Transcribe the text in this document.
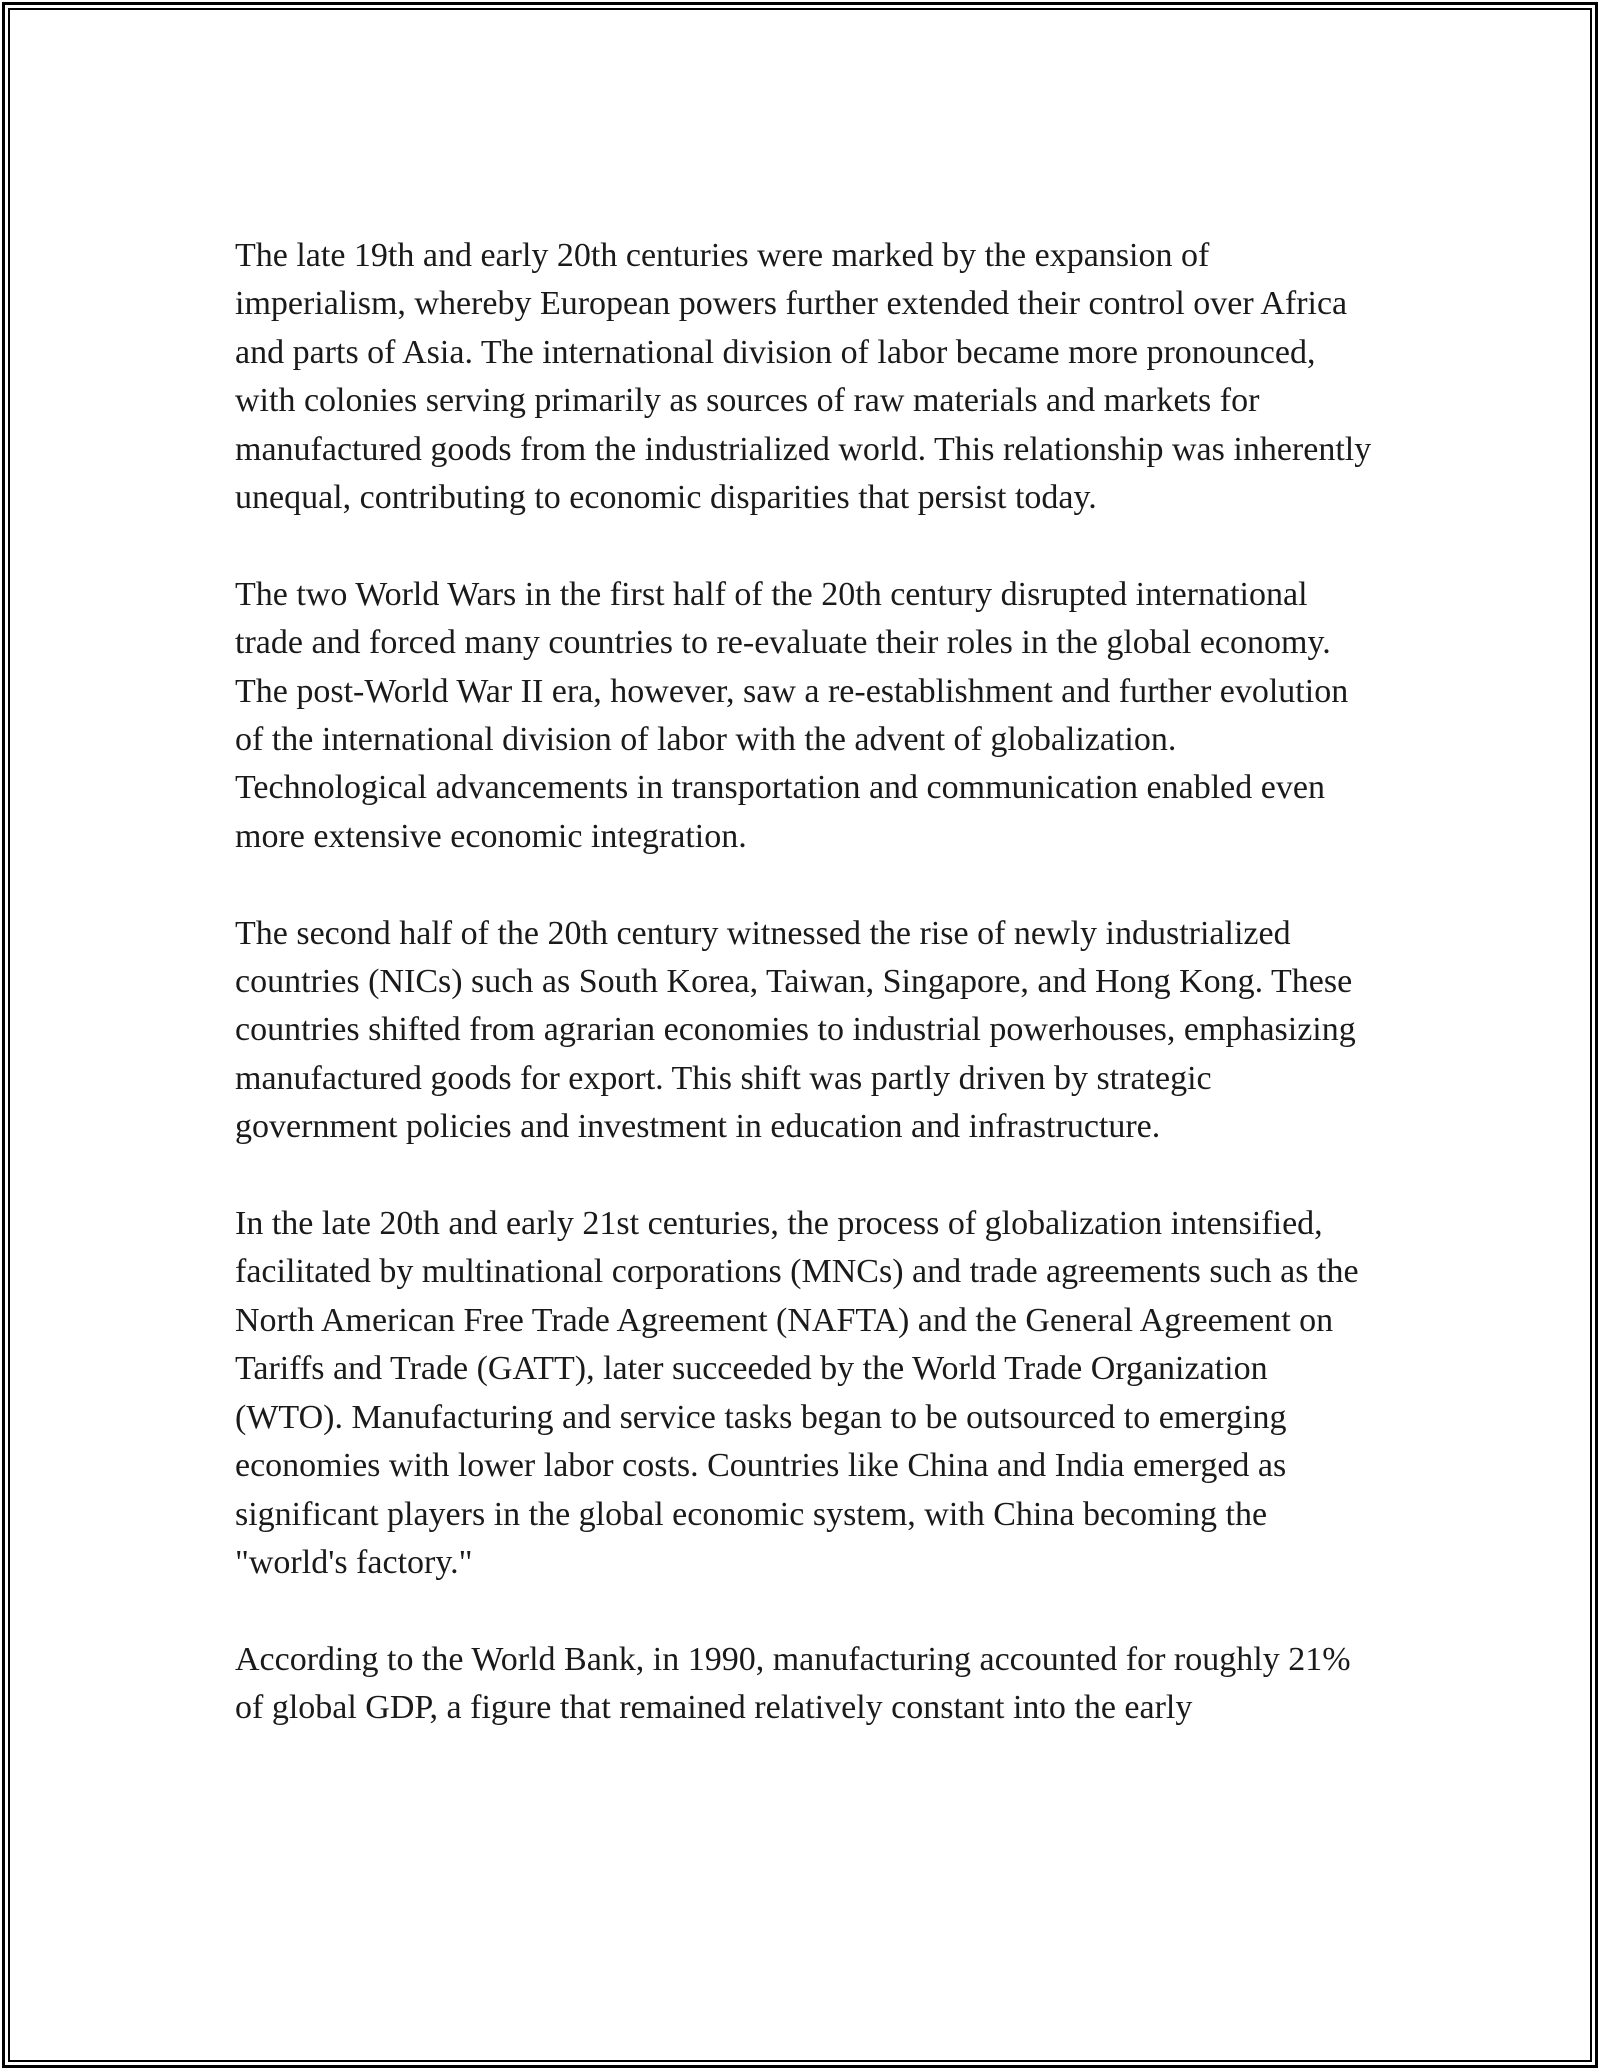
The late 19th and early 20th centuries were marked by the expansion of imperialism, whereby European powers further extended their control over Africa and parts of Asia. The international division of labor became more pronounced, with colonies serving primarily as sources of raw materials and markets for manufactured goods from the industrialized world. This relationship was inherently unequal, contributing to economic disparities that persist today.

The two World Wars in the first half of the 20th century disrupted international trade and forced many countries to re-evaluate their roles in the global economy. The post-World War II era, however, saw a re-establishment and further evolution of the international division of labor with the advent of globalization. Technological advancements in transportation and communication enabled even more extensive economic integration.

The second half of the 20th century witnessed the rise of newly industrialized countries (NICs) such as South Korea, Taiwan, Singapore, and Hong Kong. These countries shifted from agrarian economies to industrial powerhouses, emphasizing manufactured goods for export. This shift was partly driven by strategic government policies and investment in education and infrastructure.

In the late 20th and early 21st centuries, the process of globalization intensified, facilitated by multinational corporations (MNCs) and trade agreements such as the North American Free Trade Agreement (NAFTA) and the General Agreement on Tariffs and Trade (GATT), later succeeded by the World Trade Organization (WTO). Manufacturing and service tasks began to be outsourced to emerging economies with lower labor costs. Countries like China and India emerged as significant players in the global economic system, with China becoming the "world's factory."

According to the World Bank, in 1990, manufacturing accounted for roughly 21% of global GDP, a figure that remained relatively constant into the early
